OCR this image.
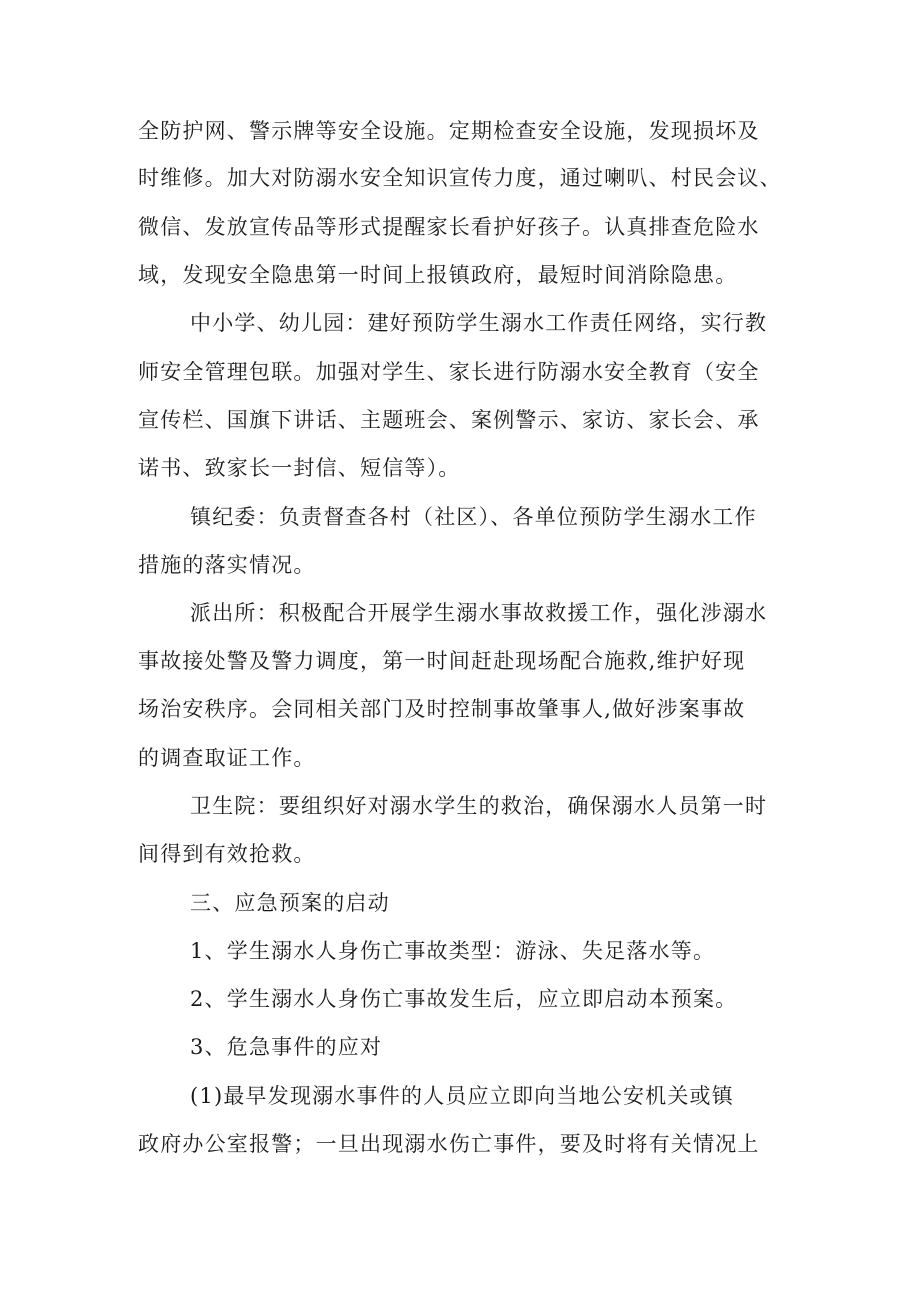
全防护网、警示牌等安全设施。定期检查安全设施，发现损坏及
时维修。加大对防溺水安全知识宣传力度，通过喇叭、村民会议、
微信、发放宣传品等形式提醒家长看护好孩子。认真排查危险水
域，发现安全隐患第一时间上报镇政府，最短时间消除隐患。
中小学、幼儿园：建好预防学生溺水工作责任网络，实行教
师安全管理包联。加强对学生、家长进行防溺水安全教育（安全
宣传栏、国旗下讲话、主题班会、案例警示、家访、家长会、承
诺书、致家长一封信、短信等）。
镇纪委：负责督查各村（社区）、各单位预防学生溺水工作
措施的落实情况。
派出所：积极配合开展学生溺水事故救援工作，强化涉溺水
事故接处警及警力调度，第一时间赶赴现场配合施救,维护好现
场治安秩序。会同相关部门及时控制事故肇事人,做好涉案事故
的调查取证工作。
卫生院：要组织好对溺水学生的救治，确保溺水人员第一时
间得到有效抢救。
三、应急预案的启动
1、学生溺水人身伤亡事故类型：游泳、失足落水等。
2、学生溺水人身伤亡事故发生后，应立即启动本预案。
3、危急事件的应对
(1)最早发现溺水事件的人员应立即向当地公安机关或镇
政府办公室报警；一旦出现溺水伤亡事件，要及时将有关情况上
